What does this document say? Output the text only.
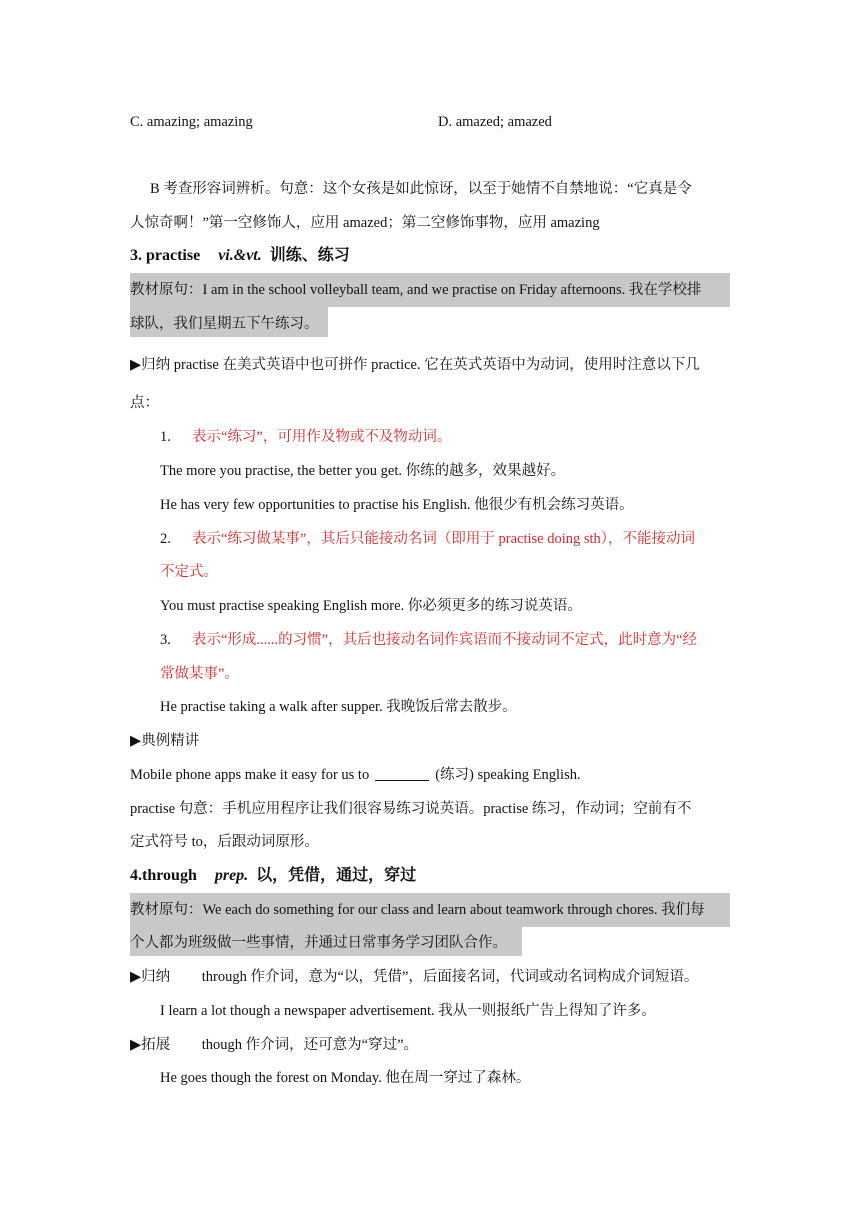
C. amazing; amazing	D. amazed; amazed
B 考查形容词辨析。句意：这个女孩是如此惊讶，以至于她情不自禁地说：“它真是令
人惊奇啊！”第一空修饰人，应用 amazed；第二空修饰事物，应用 amazing
3. practise vi.&vt. 训练、练习
教材原句：I am in the school volleyball team, and we practise on Friday afternoons. 我在学校排
球队，我们星期五下午练习。
▶归纳 practise 在美式英语中也可拼作 practice. 它在英式英语中为动词，使用时注意以下几
点：
1. 表示“练习”，可用作及物或不及物动词。
The more you practise, the better you get. 你练的越多，效果越好。
He has very few opportunities to practise his English. 他很少有机会练习英语。
2. 表示“练习做某事”，其后只能接动名词（即用于 practise doing sth），不能接动词
不定式。
You must practise speaking English more. 你必须更多的练习说英语。
3. 表示“形成......的习惯”，其后也接动名词作宾语而不接动词不定式，此时意为“经
常做某事”。
He practise taking a walk after supper. 我晚饭后常去散步。
▶典例精讲
Mobile phone apps make it easy for us to	(练习) speaking English.
practise 句意：手机应用程序让我们很容易练习说英语。practise 练习，作动词；空前有不
定式符号 to，后跟动词原形。
4.through prep. 以，凭借，通过，穿过
教材原句：We each do something for our class and learn about teamwork through chores. 我们每
个人都为班级做一些事情，并通过日常事务学习团队合作。
▶归纳 through 作介词，意为“以，凭借”，后面接名词，代词或动名词构成介词短语。
I learn a lot though a newspaper advertisement. 我从一则报纸广告上得知了许多。
▶拓展 though 作介词，还可意为“穿过”。
He goes though the forest on Monday. 他在周一穿过了森林。
